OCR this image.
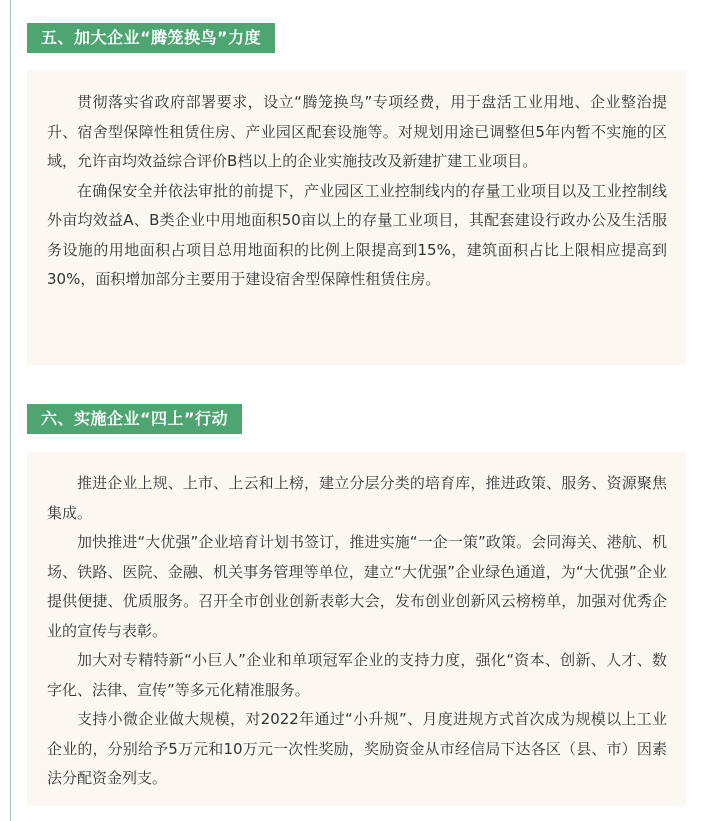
五、加大企业“腾笼换鸟”力度

贯彻落实省政府部署要求，设立“腾笼换鸟”专项经费，用于盘活工业用地、企业整治提升、宿舍型保障性租赁住房、产业园区配套设施等。对规划用途已调整但5年内暂不实施的区域，允许亩均效益综合评价B档以上的企业实施技改及新建扩建工业项目。

在确保安全并依法审批的前提下，产业园区工业控制线内的存量工业项目以及工业控制线外亩均效益A、B类企业中用地面积50亩以上的存量工业项目，其配套建设行政办公及生活服务设施的用地面积占项目总用地面积的比例上限提高到15%，建筑面积占比上限相应提高到30%，面积增加部分主要用于建设宿舍型保障性租赁住房。

六、实施企业“四上”行动

推进企业上规、上市、上云和上榜，建立分层分类的培育库，推进政策、服务、资源聚焦集成。

加快推进“大优强”企业培育计划书签订，推进实施“一企一策”政策。会同海关、港航、机场、铁路、医院、金融、机关事务管理等单位，建立“大优强”企业绿色通道，为“大优强”企业提供便捷、优质服务。召开全市创业创新表彰大会，发布创业创新风云榜榜单，加强对优秀企业的宣传与表彰。

加大对专精特新“小巨人”企业和单项冠军企业的支持力度，强化“资本、创新、人才、数字化、法律、宣传”等多元化精准服务。

支持小微企业做大规模，对2022年通过“小升规”、月度进规方式首次成为规模以上工业企业的，分别给予5万元和10万元一次性奖励，奖励资金从市经信局下达各区（县、市）因素法分配资金列支。
